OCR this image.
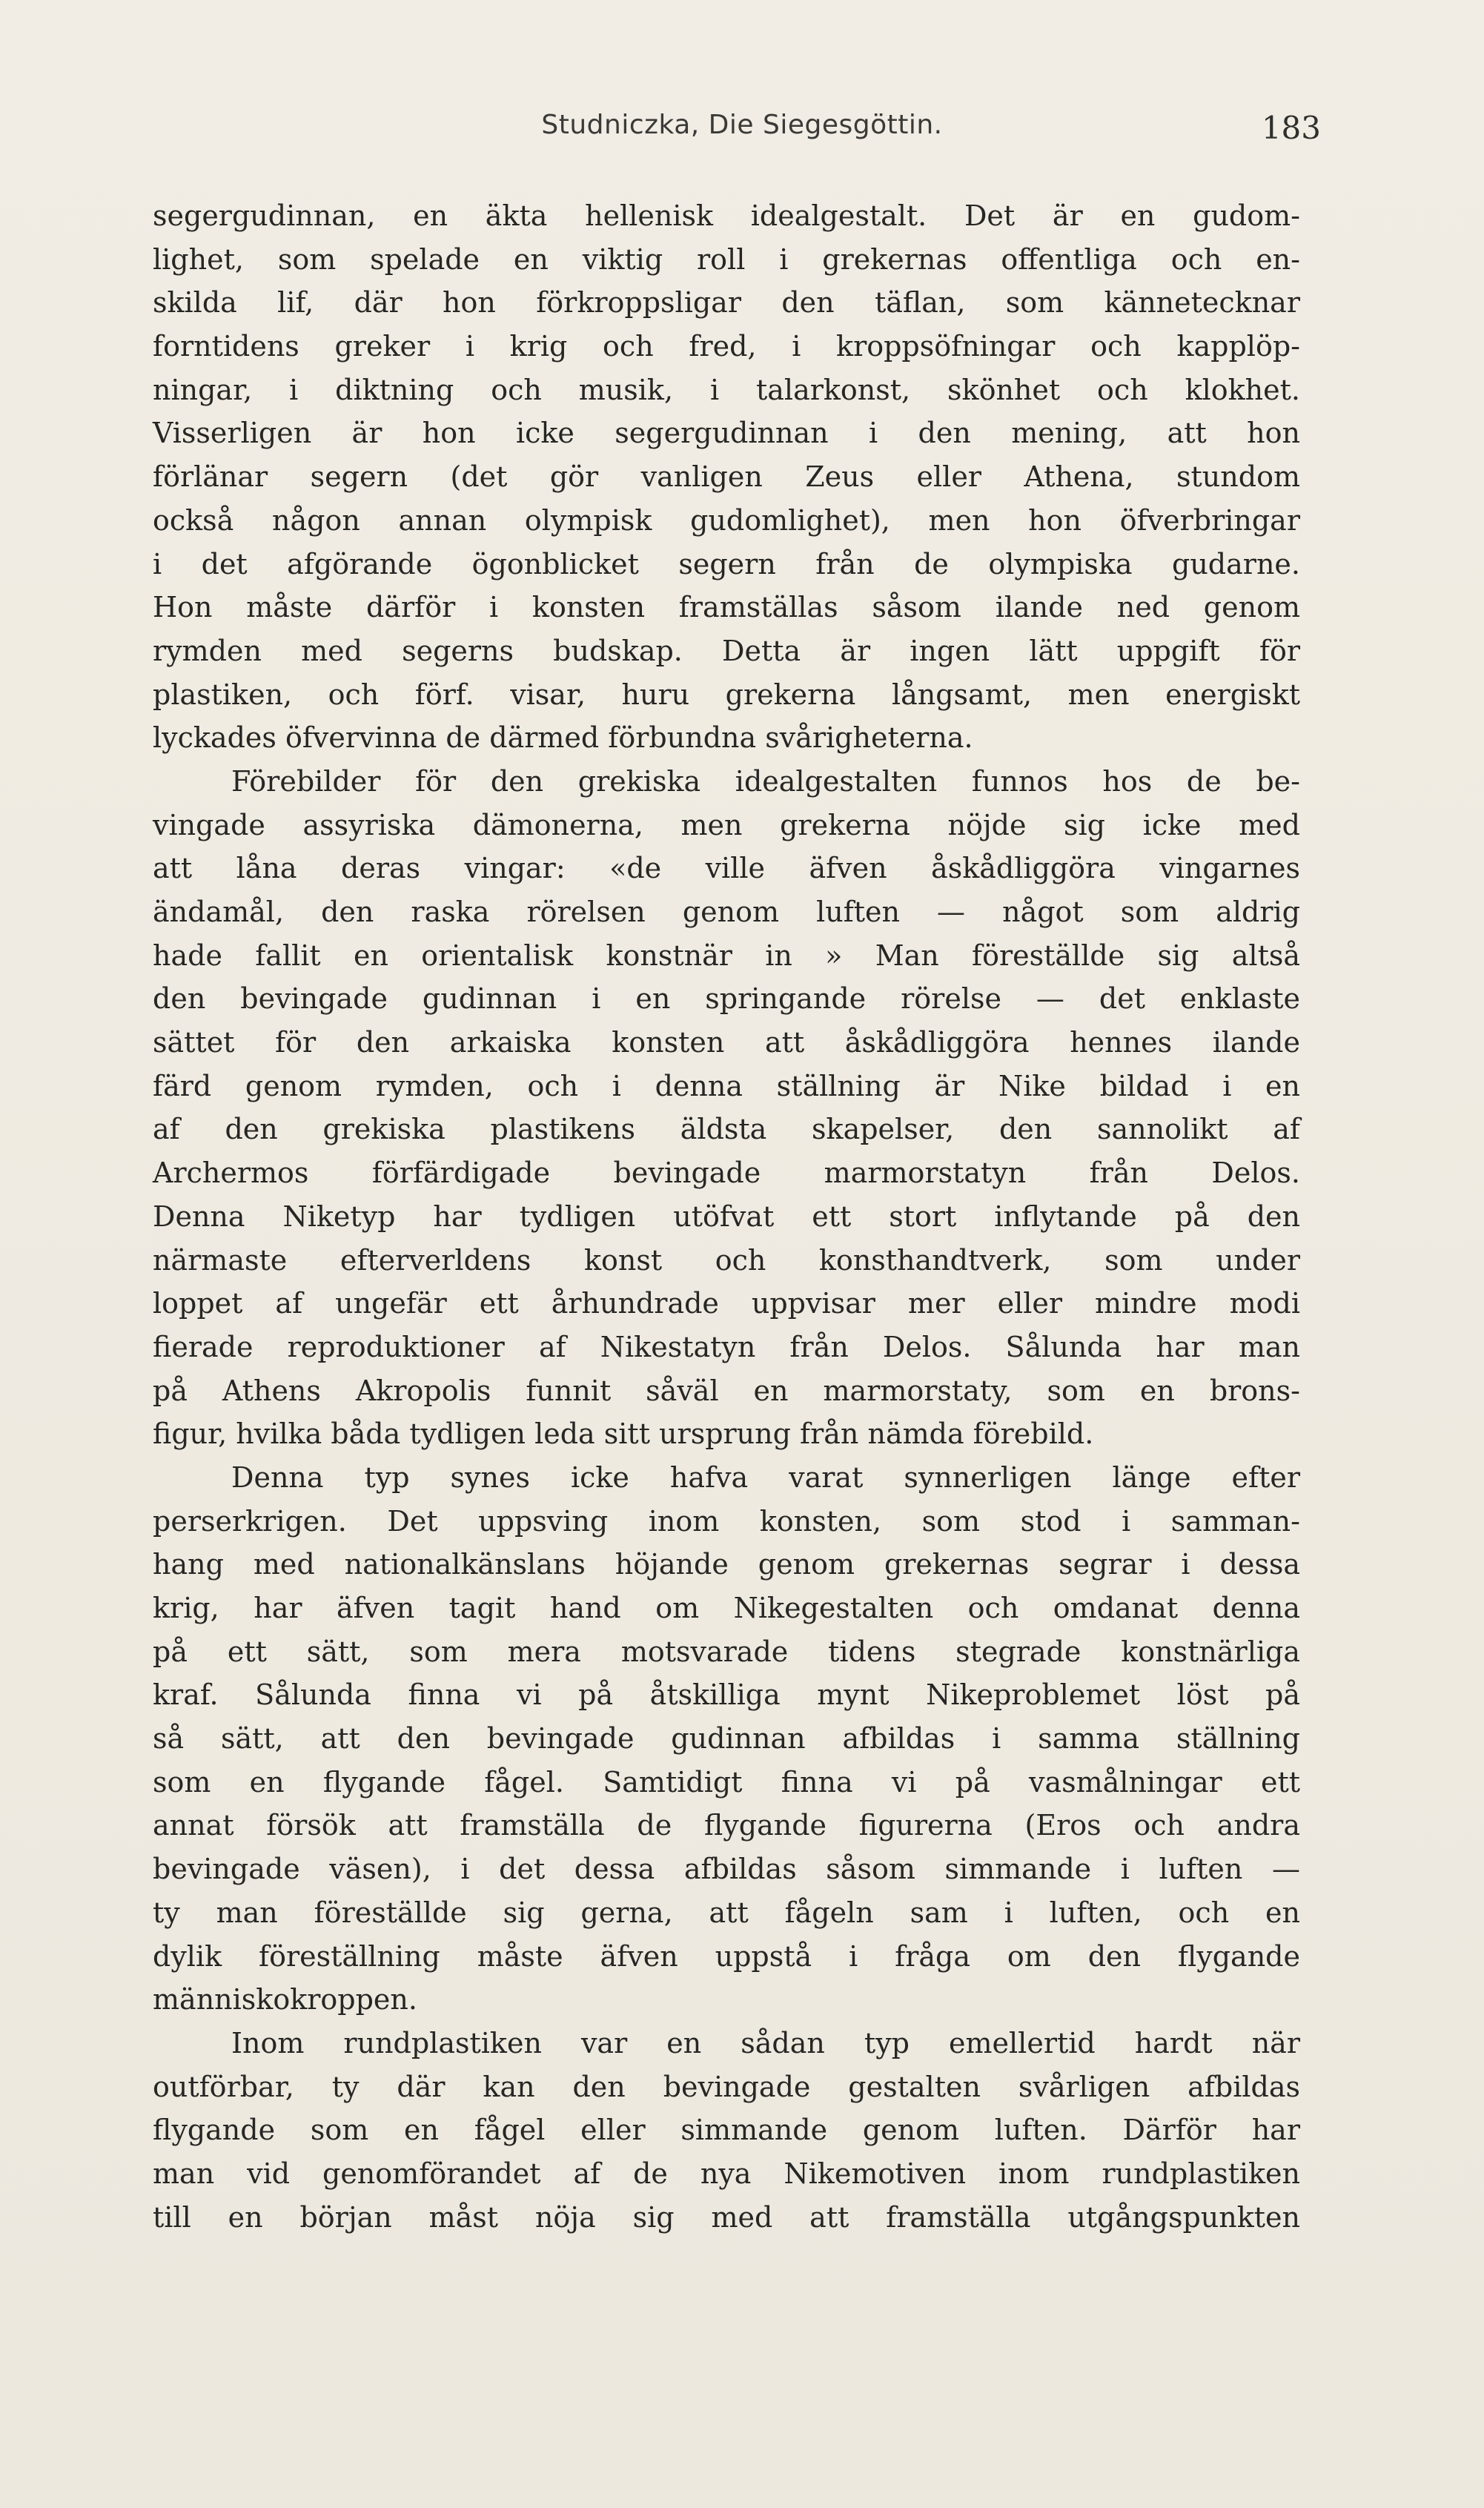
Studniczka, Die Siegesgöttin.	183
segergudinnan, en äkta hellenisk idealgestalt. Det är en gudom-
lighet, som spelade en viktig roll i grekernas offentliga och en-
skilda lif, där hon förkroppsligar den täflan, som kännetecknar
forntidens greker i krig och fred, i kroppsöfningar och kapplöp-
ningar, i diktning och musik, i talarkonst, skönhet och klokhet.
Visserligen är hon icke segergudinnan i den mening, att hon
förlänar segern (det gör vanligen Zeus eller Athena, stundom
också någon annan olympisk gudomlighet), men hon öfverbringar
i det afgörande ögonblicket segern från de olympiska gudarne.
Hon måste därför i konsten framställas såsom ilande ned genom
rymden med segerns budskap. Detta är ingen lätt uppgift för
plastiken, och förf. visar, huru grekerna långsamt, men energiskt
lyckades öfvervinna de därmed förbundna svårigheterna.
Förebilder för den grekiska idealgestalten funnos hos de be-
vingade assyriska dämonerna, men grekerna nöjde sig icke med
att låna deras vingar: «de ville äfven åskådliggöra vingarnes
ändamål, den raska rörelsen genom luften — något som aldrig
hade fallit en orientalisk konstnär in » Man föreställde sig altså
den bevingade gudinnan i en springande rörelse — det enklaste
sättet för den arkaiska konsten att åskådliggöra hennes ilande
färd genom rymden, och i denna ställning är Nike bildad i en
af den grekiska plastikens äldsta skapelser, den sannolikt af
Archermos förfärdigade bevingade marmorstatyn från Delos.
Denna Niketyp har tydligen utöfvat ett stort inflytande på den
närmaste efterverldens konst och konsthandtverk, som under
loppet af ungefär ett århundrade uppvisar mer eller mindre modi
fierade reproduktioner af Nikestatyn från Delos. Sålunda har man
på Athens Akropolis funnit såväl en marmorstaty, som en brons-
figur, hvilka båda tydligen leda sitt ursprung från nämda förebild.
Denna typ synes icke hafva varat synnerligen länge efter
perserkrigen. Det uppsving inom konsten, som stod i samman-
hang med nationalkänslans höjande genom grekernas segrar i dessa
krig, har äfven tagit hand om Nikegestalten och omdanat denna
på ett sätt, som mera motsvarade tidens stegrade konstnärliga
kraf. Sålunda finna vi på åtskilliga mynt Nikeproblemet löst på
så sätt, att den bevingade gudinnan afbildas i samma ställning
som en flygande fågel. Samtidigt finna vi på vasmålningar ett
annat försök att framställa de flygande figurerna (Eros och andra
bevingade väsen), i det dessa afbildas såsom simmande i luften —
ty man föreställde sig gerna, att fågeln sam i luften, och en
dylik föreställning måste äfven uppstå i fråga om den flygande
människokroppen.
Inom rundplastiken var en sådan typ emellertid hardt när
outförbar, ty där kan den bevingade gestalten svårligen afbildas
flygande som en fågel eller simmande genom luften. Därför har
man vid genomförandet af de nya Nikemotiven inom rundplastiken
till en början måst nöja sig med att framställa utgångspunkten
